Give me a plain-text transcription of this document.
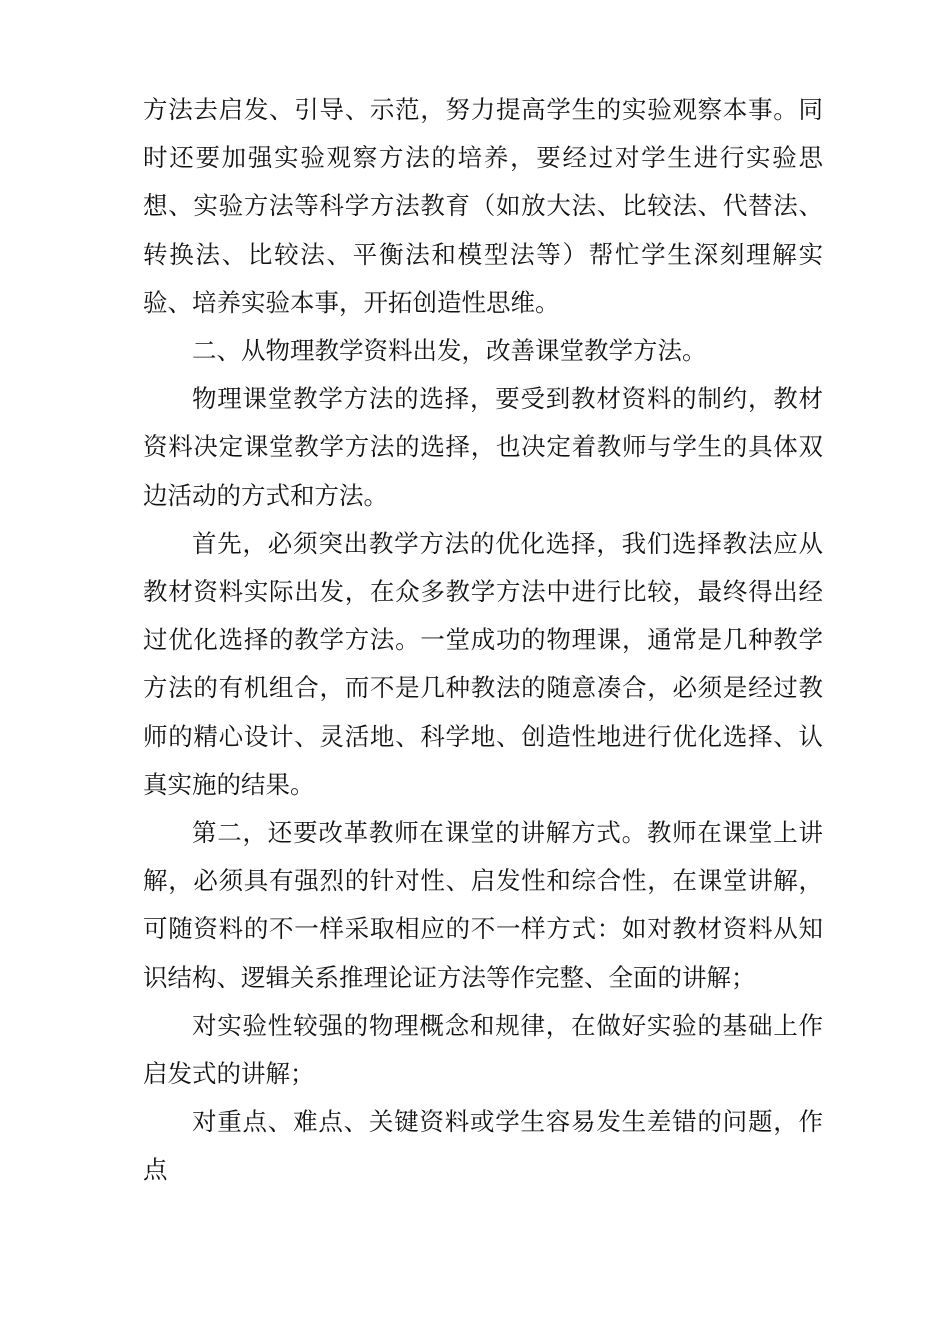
方法去启发、引导、示范，努力提高学生的实验观察本事。同时还要加强实验观察方法的培养，要经过对学生进行实验思想、实验方法等科学方法教育（如放大法、比较法、代替法、转换法、比较法、平衡法和模型法等）帮忙学生深刻理解实验、培养实验本事，开拓创造性思维。

二、从物理教学资料出发，改善课堂教学方法。

物理课堂教学方法的选择，要受到教材资料的制约，教材资料决定课堂教学方法的选择，也决定着教师与学生的具体双边活动的方式和方法。

首先，必须突出教学方法的优化选择，我们选择教法应从教材资料实际出发，在众多教学方法中进行比较，最终得出经过优化选择的教学方法。一堂成功的物理课，通常是几种教学方法的有机组合，而不是几种教法的随意凑合，必须是经过教师的精心设计、灵活地、科学地、创造性地进行优化选择、认真实施的结果。

第二，还要改革教师在课堂的讲解方式。教师在课堂上讲解，必须具有强烈的针对性、启发性和综合性，在课堂讲解，可随资料的不一样采取相应的不一样方式：如对教材资料从知识结构、逻辑关系推理论证方法等作完整、全面的讲解；

对实验性较强的物理概念和规律，在做好实验的基础上作启发式的讲解；

对重点、难点、关键资料或学生容易发生差错的问题，作点
